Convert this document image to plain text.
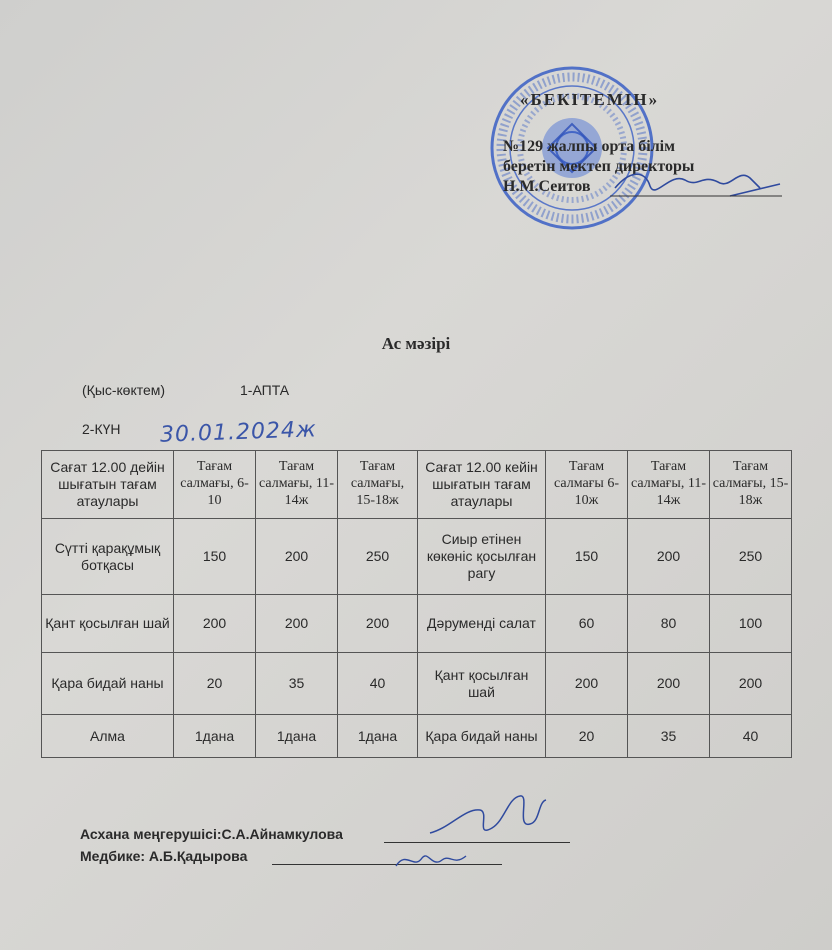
«БЕКІТЕМІН»
№129 жалпы орта білім
беретін мектеп директоры
Н.М.Сеитов
Ас мәзірі
(Қыс-көктем)	1-АПТА
2-КҮН 30.01.2024ж
Сағат 12.00 дейін шығатын тағам атаулары	Тағам салмағы, 6-10	Тағам салмағы, 11-14ж	Тағам салмағы, 15-18ж	Сағат 12.00 кейін шығатын тағам атаулары	Тағам салмағы 6-10ж	Тағам салмағы, 11-14ж	Тағам салмағы, 15-18ж
Сүтті қарақұмық ботқасы	150	200	250	Сиыр етінен көкөніс қосылған рагу	150	200	250
Қант қосылған шай	200	200	200	Дәруменді салат	60	80	100
Қара бидай наны	20	35	40	Қант қосылған шай	200	200	200
Алма	1дана	1дана	1дана	Қара бидай наны	20	35	40
Асхана меңгерушісі:С.А.Айнамкулова
Медбике: А.Б.Қадырова
